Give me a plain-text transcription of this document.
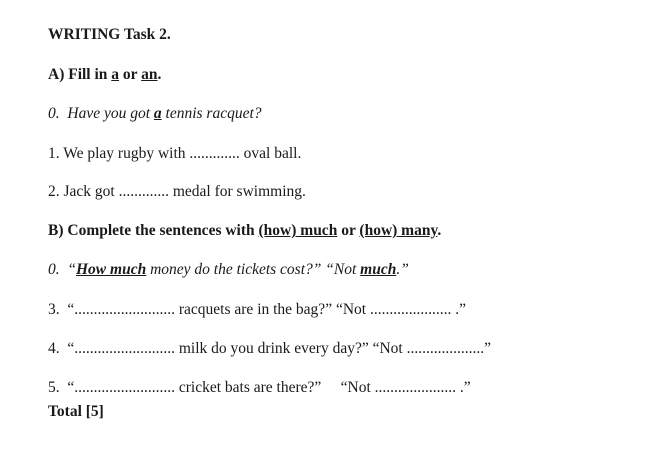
WRITING Task 2.
A) Fill in a or an.
0.  Have you got a tennis racquet?
1. We play rugby with ............. oval ball.
2. Jack got ............. medal for swimming.
B) Complete the sentences with (how) much or (how) many.
0.  “How much money do the tickets cost?” “Not much.”
3.  “.......................... racquets are in the bag?” “Not ..................... .”
4.  “.......................... milk do you drink every day?” “Not ....................”
5.  “.......................... cricket bats are there?”     “Not ..................... .”
Total [5]
